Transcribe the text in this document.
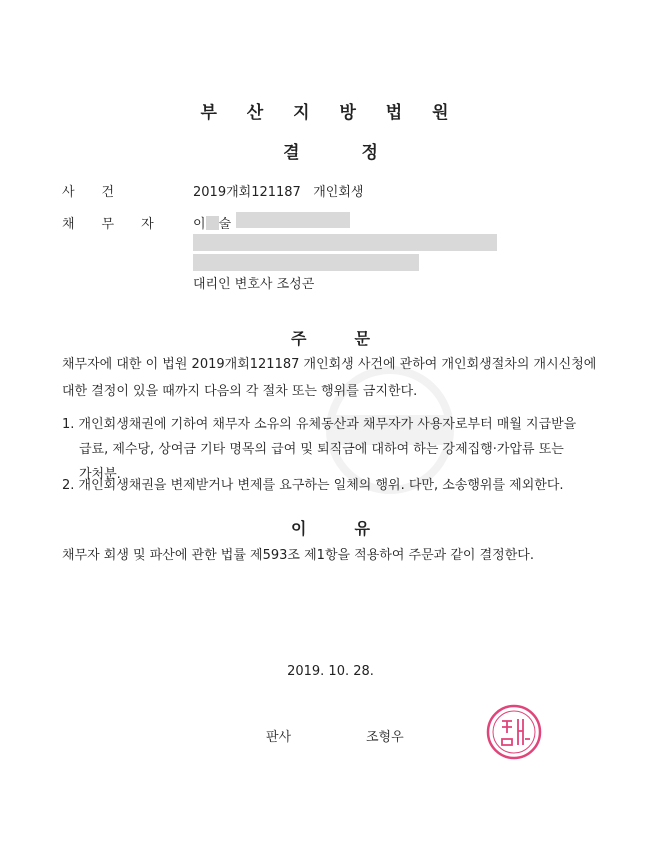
부 산 지 방 법 원
결정
사건	2019개회121187 개인회생
채무자 이 술
대리인 변호사 조성곤
주문
채무자에 대한 이 법원 2019개회121187 개인회생 사건에 관하여 개인회생절차의 개시신청에 대한 결정이 있을 때까지 다음의 각 절차 또는 행위를 금지한다.
1. 개인회생채권에 기하여 채무자 소유의 유체동산과 채무자가 사용자로부터 매월 지급받을 급료, 제수당, 상여금 기타 명목의 급여 및 퇴직금에 대하여 하는 강제집행·가압류 또는 가처분.
2. 개인회생채권을 변제받거나 변제를 요구하는 일체의 행위. 다만, 소송행위를 제외한다.
이유
채무자 회생 및 파산에 관한 법률 제593조 제1항을 적용하여 주문과 같이 결정한다.
2019. 10. 28.
판사	조형우
